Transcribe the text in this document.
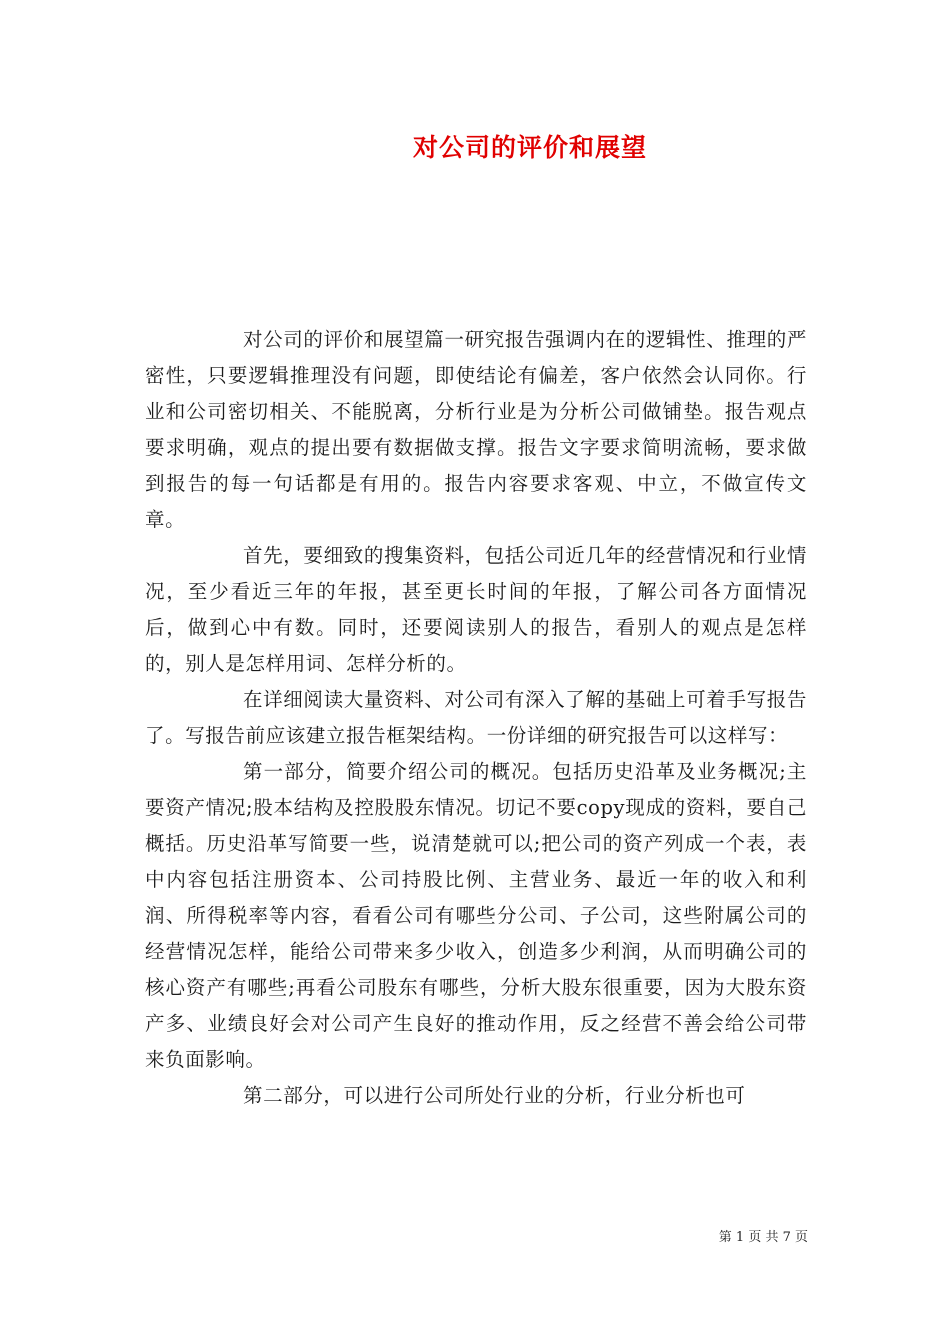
对公司的评价和展望

对公司的评价和展望篇一研究报告强调内在的逻辑性、推理的严密性，只要逻辑推理没有问题，即使结论有偏差，客户依然会认同你。行业和公司密切相关、不能脱离，分析行业是为分析公司做铺垫。报告观点要求明确，观点的提出要有数据做支撑。报告文字要求简明流畅，要求做到报告的每一句话都是有用的。报告内容要求客观、中立，不做宣传文章。

首先，要细致的搜集资料，包括公司近几年的经营情况和行业情况，至少看近三年的年报，甚至更长时间的年报，了解公司各方面情况后，做到心中有数。同时，还要阅读别人的报告，看别人的观点是怎样的，别人是怎样用词、怎样分析的。

在详细阅读大量资料、对公司有深入了解的基础上可着手写报告了。写报告前应该建立报告框架结构。一份详细的研究报告可以这样写：

第一部分，简要介绍公司的概况。包括历史沿革及业务概况;主要资产情况;股本结构及控股股东情况。切记不要copy现成的资料，要自己概括。历史沿革写简要一些，说清楚就可以;把公司的资产列成一个表，表中内容包括注册资本、公司持股比例、主营业务、最近一年的收入和利润、所得税率等内容，看看公司有哪些分公司、子公司，这些附属公司的经营情况怎样，能给公司带来多少收入，创造多少利润，从而明确公司的核心资产有哪些;再看公司股东有哪些，分析大股东很重要，因为大股东资产多、业绩良好会对公司产生良好的推动作用，反之经营不善会给公司带来负面影响。

第二部分，可以进行公司所处行业的分析，行业分析也可

第 1 页 共 7 页
